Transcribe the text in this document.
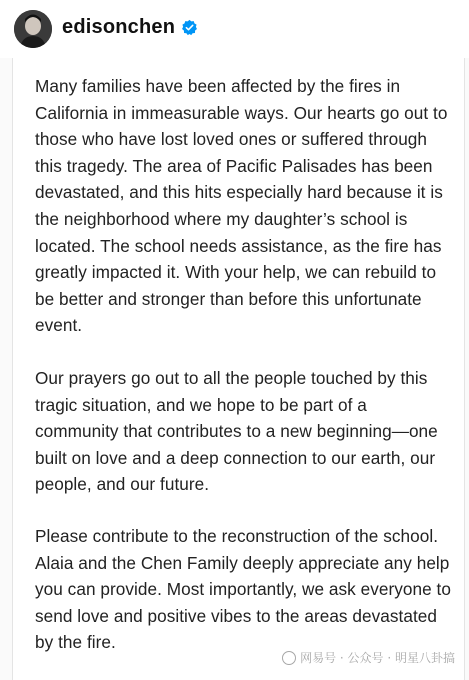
edisonchen

Many families have been affected by the fires in California in immeasurable ways. Our hearts go out to those who have lost loved ones or suffered through this tragedy. The area of Pacific Palisades has been devastated, and this hits especially hard because it is the neighborhood where my daughter’s school is located. The school needs assistance, as the fire has greatly impacted it. With your help, we can rebuild to be better and stronger than before this unfortunate event.

Our prayers go out to all the people touched by this tragic situation, and we hope to be part of a community that contributes to a new beginning—one built on love and a deep connection to our earth, our people, and our future.

Please contribute to the reconstruction of the school. Alaia and the Chen Family deeply appreciate any help you can provide. Most importantly, we ask everyone to send love and positive vibes to the areas devastated by the fire.

网易号 · 公众号 · 明星八卦搞
